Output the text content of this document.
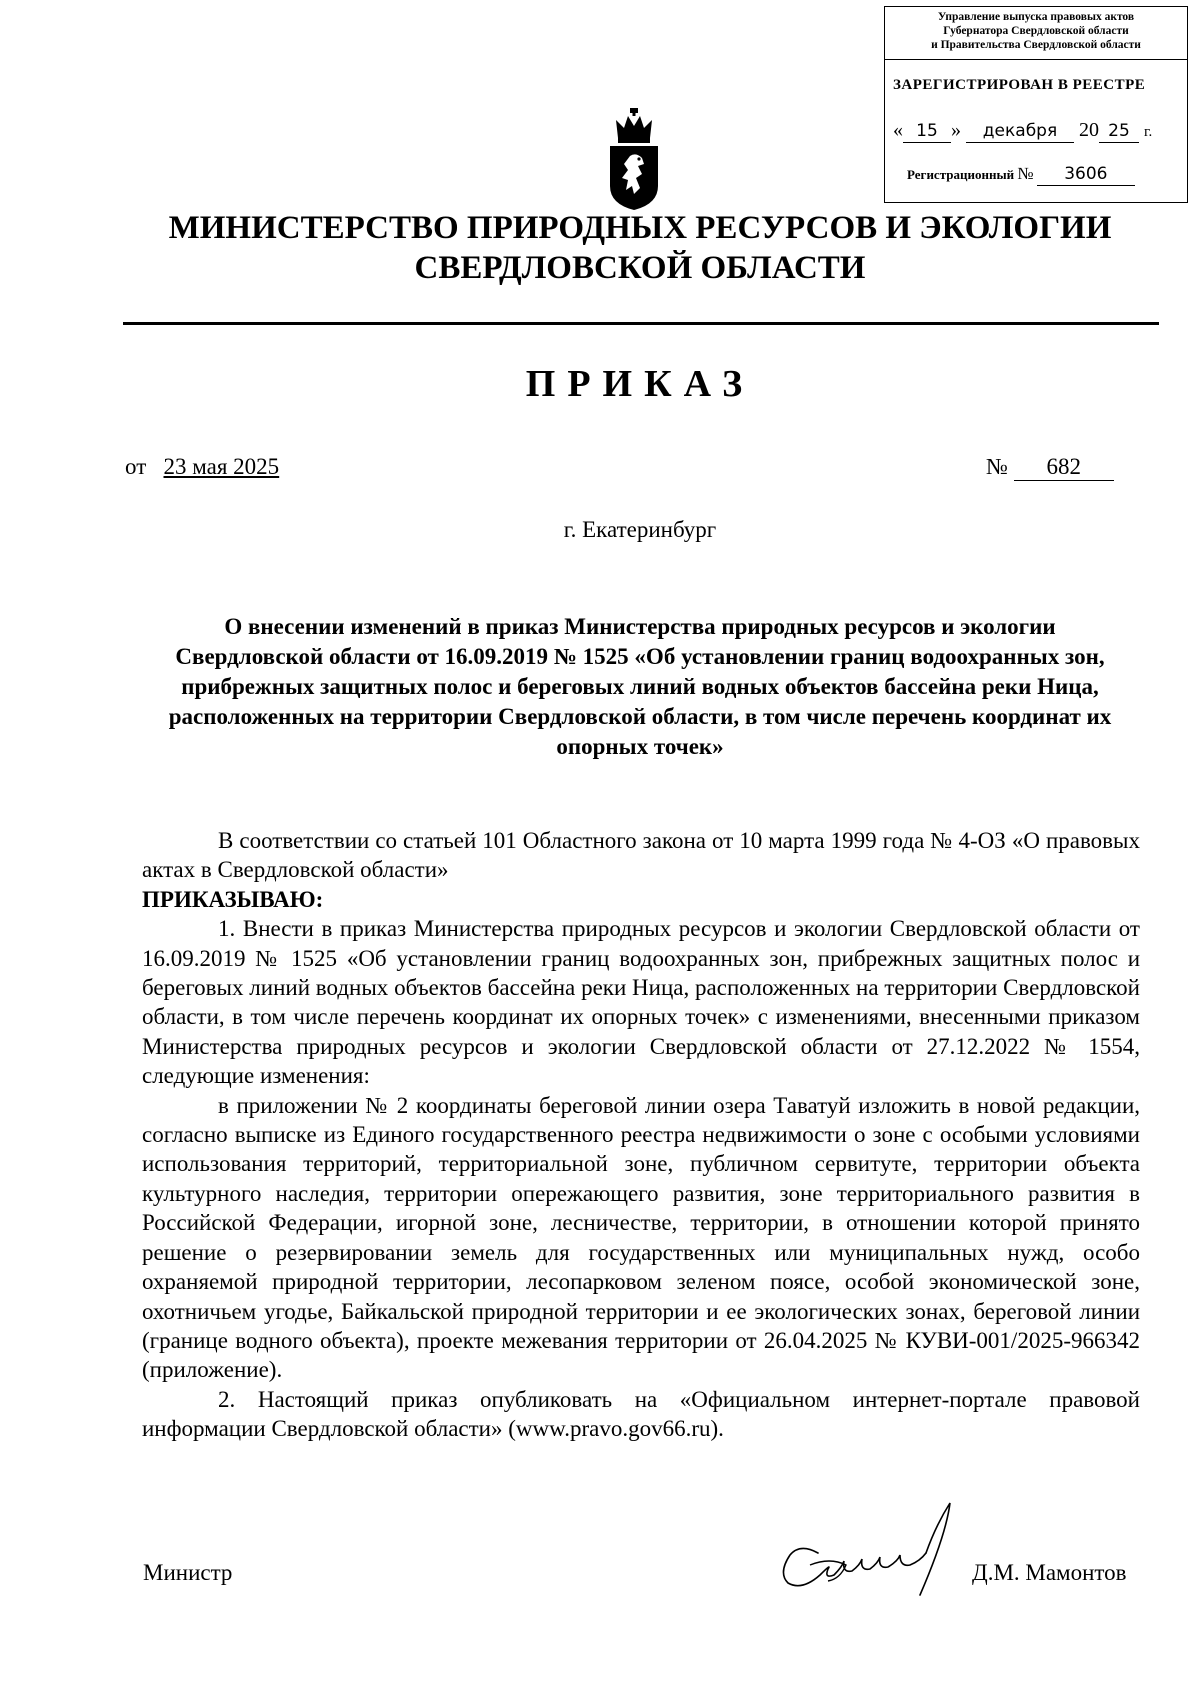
Управление выпуска правовых актов
Губернатора Свердловской области
и Правительства Свердловской области
ЗАРЕГИСТРИРОВАН В РЕЕСТРЕ
« 15 » декабря 20 25 г.
Регистрационный № 3606
МИНИСТЕРСТВО ПРИРОДНЫХ РЕСУРСОВ И ЭКОЛОГИИ
СВЕРДЛОВСКОЙ ОБЛАСТИ
ПРИКАЗ
от 23 мая 2025	№ 682
г. Екатеринбург
О внесении изменений в приказ Министерства природных ресурсов и экологии Свердловской области от 16.09.2019 № 1525 «Об установлении границ водоохранных зон, прибрежных защитных полос и береговых линий водных объектов бассейна реки Ница, расположенных на территории Свердловской области, в том числе перечень координат их опорных точек»

В соответствии со статьей 101 Областного закона от 10 марта 1999 года № 4-ОЗ «О правовых актах в Свердловской области»

ПРИКАЗЫВАЮ:

1. Внести в приказ Министерства природных ресурсов и экологии Свердловской области от 16.09.2019 № 1525 «Об установлении границ водоохранных зон, прибрежных защитных полос и береговых линий водных объектов бассейна реки Ница, расположенных на территории Свердловской области, в том числе перечень координат их опорных точек» с изменениями, внесенными приказом Министерства природных ресурсов и экологии Свердловской области от 27.12.2022 № 1554, следующие изменения:

в приложении № 2 координаты береговой линии озера Таватуй изложить в новой редакции, согласно выписке из Единого государственного реестра недвижимости о зоне с особыми условиями использования территорий, территориальной зоне, публичном сервитуте, территории объекта культурного наследия, территории опережающего развития, зоне территориального развития в Российской Федерации, игорной зоне, лесничестве, территории, в отношении которой принято решение о резервировании земель для государственных или муниципальных нужд, особо охраняемой природной территории, лесопарковом зеленом поясе, особой экономической зоне, охотничьем угодье, Байкальской природной территории и ее экологических зонах, береговой линии (границе водного объекта), проекте межевания территории от 26.04.2025 № КУВИ-001/2025-966342 (приложение).

2. Настоящий приказ опубликовать на «Официальном интернет-портале правовой информации Свердловской области» (www.pravo.gov66.ru).

Министр	Д.М. Мамонтов
